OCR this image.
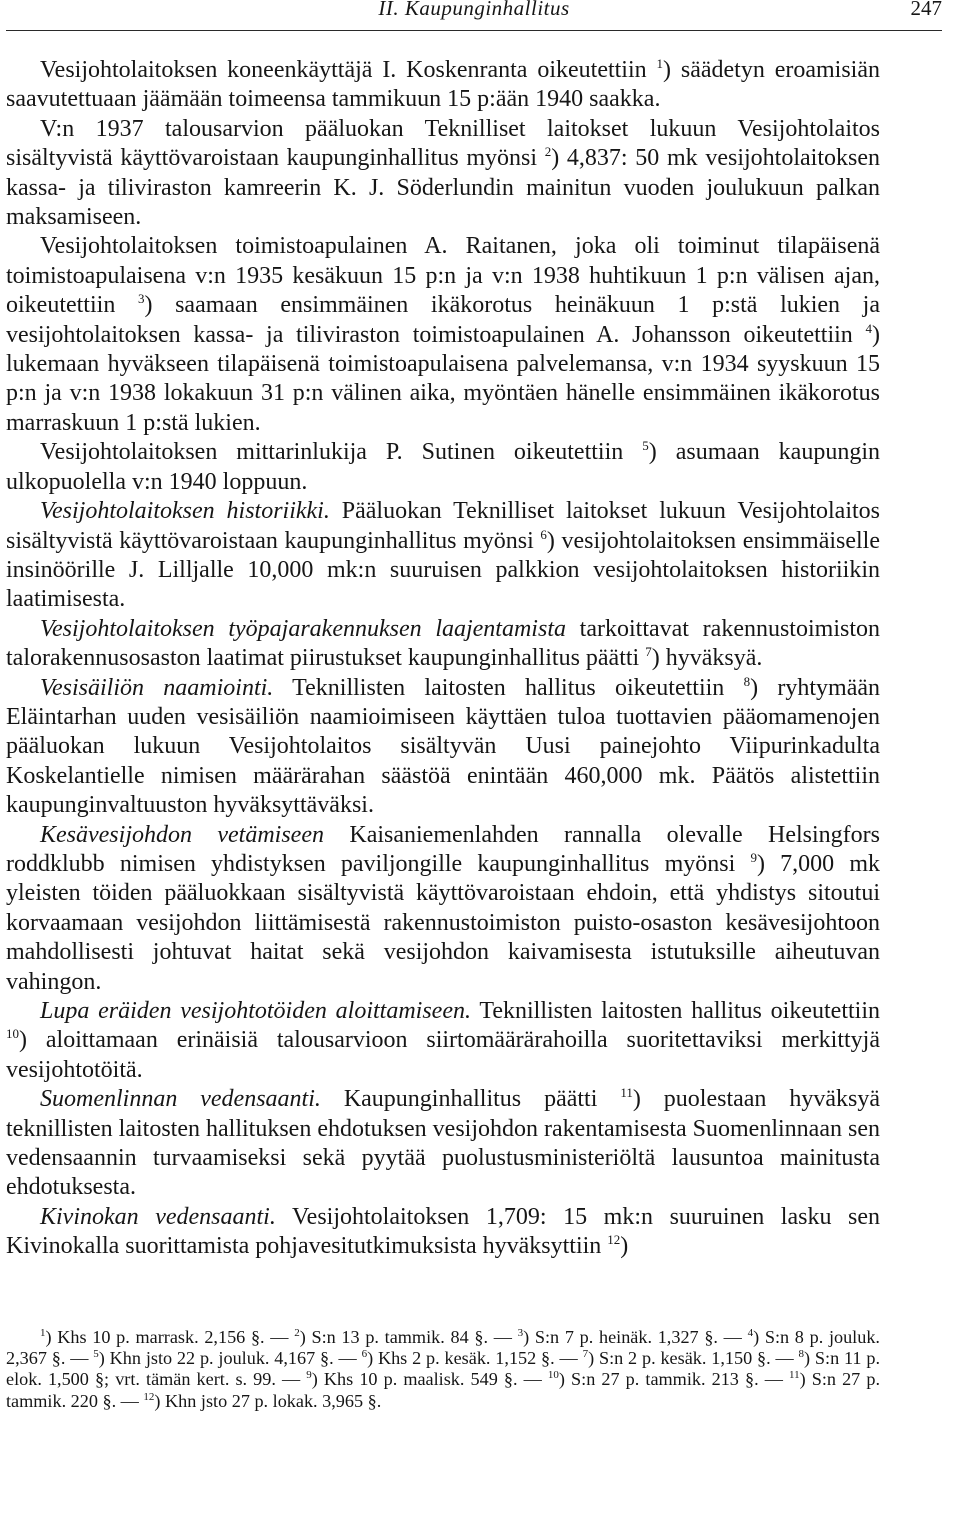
II. Kaupunginhallitus	247

Vesijohtolaitoksen koneenkäyttäjä I. Koskenranta oikeutettiin $^1$) säädetyn eroamisiän saavutettuaan jäämään toimeensa tammikuun 15 p:ään 1940 saakka.

V:n 1937 talousarvion pääluokan Teknilliset laitokset lukuun Vesijohtolaitos sisältyvistä käyttövaroistaan kaupunginhallitus myönsi $^2$) 4,837: 50 mk vesijohtolaitoksen kassa- ja tiliviraston kamreerin K. J. Söderlundin mainitun vuoden joulukuun palkan maksamiseen.

Vesijohtolaitoksen toimistoapulainen A. Raitanen, joka oli toiminut tilapäisenä toimistoapulaisena v:n 1935 kesäkuun 15 p:n ja v:n 1938 huhtikuun 1 p:n välisen ajan, oikeutettiin $^3$) saamaan ensimmäinen ikäkorotus heinäkuun 1 p:stä lukien ja vesijohtolaitoksen kassa- ja tiliviraston toimistoapulainen A. Johansson oikeutettiin $^4$) lukemaan hyväkseen tilapäisenä toimistoapulaisena palvelemansa, v:n 1934 syyskuun 15 p:n ja v:n 1938 lokakuun 31 p:n välinen aika, myöntäen hänelle ensimmäinen ikäkorotus marraskuun 1 p:stä lukien.

Vesijohtolaitoksen mittarinlukija P. Sutinen oikeutettiin $^5$) asumaan kaupungin ulkopuolella v:n 1940 loppuun.

Vesijohtolaitoksen historiikki. Pääluokan Teknilliset laitokset lukuun Vesijohtolaitos sisältyvistä käyttövaroistaan kaupunginhallitus myönsi $^6$) vesijohtolaitoksen ensimmäiselle insinöörille J. Lilljalle 10,000 mk:n suuruisen palkkion vesijohtolaitoksen historiikin laatimisesta.

Vesijohtolaitoksen työpajarakennuksen laajentamista tarkoittavat rakennustoimiston talorakennusosaston laatimat piirustukset kaupunginhallitus päätti $^7$) hyväksyä.

Vesisäiliön naamiointi. Teknillisten laitosten hallitus oikeutettiin $^8$) ryhtymään Eläintarhan uuden vesisäiliön naamioimiseen käyttäen tuloa tuottavien pääomamenojen pääluokan lukuun Vesijohtolaitos sisältyvän Uusi painejohto Viipurinkadulta Koskelantielle nimisen määrärahan säästöä enintään 460,000 mk. Päätös alistettiin kaupunginvaltuuston hyväksyttäväksi.

Kesävesijohdon vetämiseen Kaisaniemenlahden rannalla olevalle Helsingfors roddklubb nimisen yhdistyksen paviljongille kaupunginhallitus myönsi $^9$) 7,000 mk yleisten töiden pääluokkaan sisältyvistä käyttövaroistaan ehdoin, että yhdistys sitoutui korvaamaan vesijohdon liittämisestä rakennustoimiston puisto-osaston kesävesijohtoon mahdollisesti johtuvat haitat sekä vesijohdon kaivamisesta istutuksille aiheutuvan vahingon.

Lupa eräiden vesijohtotöiden aloittamiseen. Teknillisten laitosten hallitus oikeutettiin $^{10}$) aloittamaan erinäisiä talousarvioon siirtomäärärahoilla suoritettaviksi merkittyjä vesijohtotöitä.

Suomenlinnan vedensaanti. Kaupunginhallitus päätti $^{11}$) puolestaan hyväksyä teknillisten laitosten hallituksen ehdotuksen vesijohdon rakentamisesta Suomenlinnaan sen vedensaannin turvaamiseksi sekä pyytää puolustusministeriöltä lausuntoa mainitusta ehdotuksesta.

Kivinokan vedensaanti. Vesijohtolaitoksen 1,709: 15 mk:n suuruinen lasku sen Kivinokalla suorittamista pohjavesitutkimuksista hyväksyttiin $^{12}$)

$^1$) Khs 10 p. marrask. 2,156 §. — $^2$) S:n 13 p. tammik. 84 §. — $^3$) S:n 7 p. heinäk. 1,327 §. — $^4$) S:n 8 p. jouluk. 2,367 §. — $^5$) Khn jsto 22 p. jouluk. 4,167 §. — $^6$) Khs 2 p. kesäk. 1,152 §. — $^7$) S:n 2 p. kesäk. 1,150 §. — $^8$) S:n 11 p. elok. 1,500 §; vrt. tämän kert. s. 99. — $^9$) Khs 10 p. maalisk. 549 §. — $^{10}$) S:n 27 p. tammik. 213 §. — $^{11}$) S:n 27 p. tammik. 220 §. — $^{12}$) Khn jsto 27 p. lokak. 3,965 §.
